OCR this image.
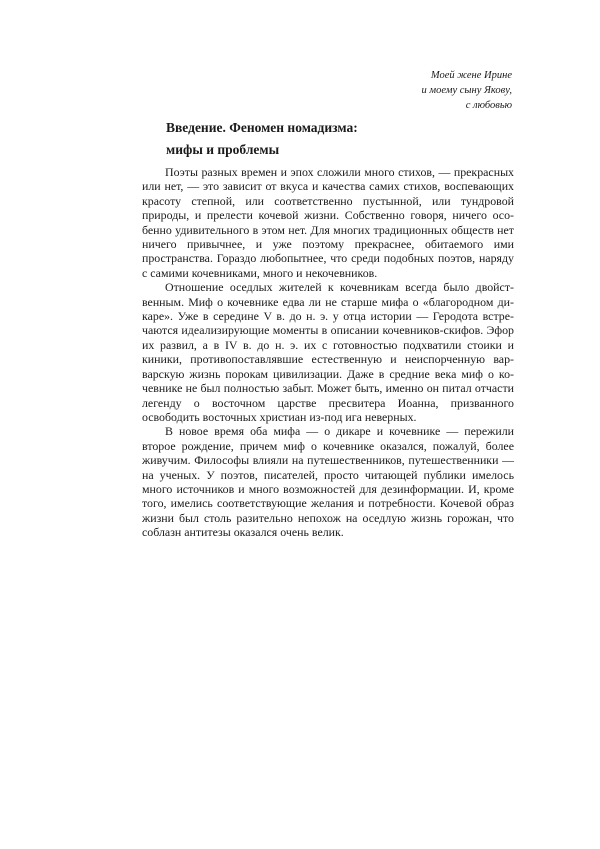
Моей жене Ирине
и моему сыну Якову,
с любовью
Введение. Феномен номадизма:
мифы и проблемы

Поэты разных времен и эпох сложили много стихов, — прекрасных или нет, — это зависит от вкуса и качества самих стихов, воспевающих красоту степной, или соответственно пустынной, или тундровой природы, и прелести кочевой жизни. Собственно говоря, ничего особенно удивительного в этом нет. Для многих традиционных обществ нет ничего привычнее, и уже поэтому прекраснее, обитаемого ими пространства. Гораздо любопытнее, что среди подобных поэтов, наряду с самими кочевниками, много и некочевников.

Отношение оседлых жителей к кочевникам всегда было двойственным. Миф о кочевнике едва ли не старше мифа о «благородном дикаре». Уже в середине V в. до н. э. у отца истории — Геродота встречаются идеализирующие моменты в описании кочевников-скифов. Эфор их развил, а в IV в. до н. э. их с готовностью подхватили стоики и киники, противопоставлявшие естественную и неиспорченную варварскую жизнь порокам цивилизации. Даже в средние века миф о кочевнике не был полностью забыт. Может быть, именно он питал отчасти легенду о восточном царстве пресвитера Иоанна, призванного освободить восточных христиан из-под ига неверных.

В новое время оба мифа — о дикаре и кочевнике — пережили второе рождение, причем миф о кочевнике оказался, пожалуй, более живучим. Философы влияли на путешественников, путешественники — на ученых. У поэтов, писателей, просто читающей публики имелось много источников и много возможностей для дезинформации. И, кроме того, имелись соответствующие желания и потребности. Кочевой образ жизни был столь разительно непохож на оседлую жизнь горожан, что соблазн антитезы оказался очень велик.
